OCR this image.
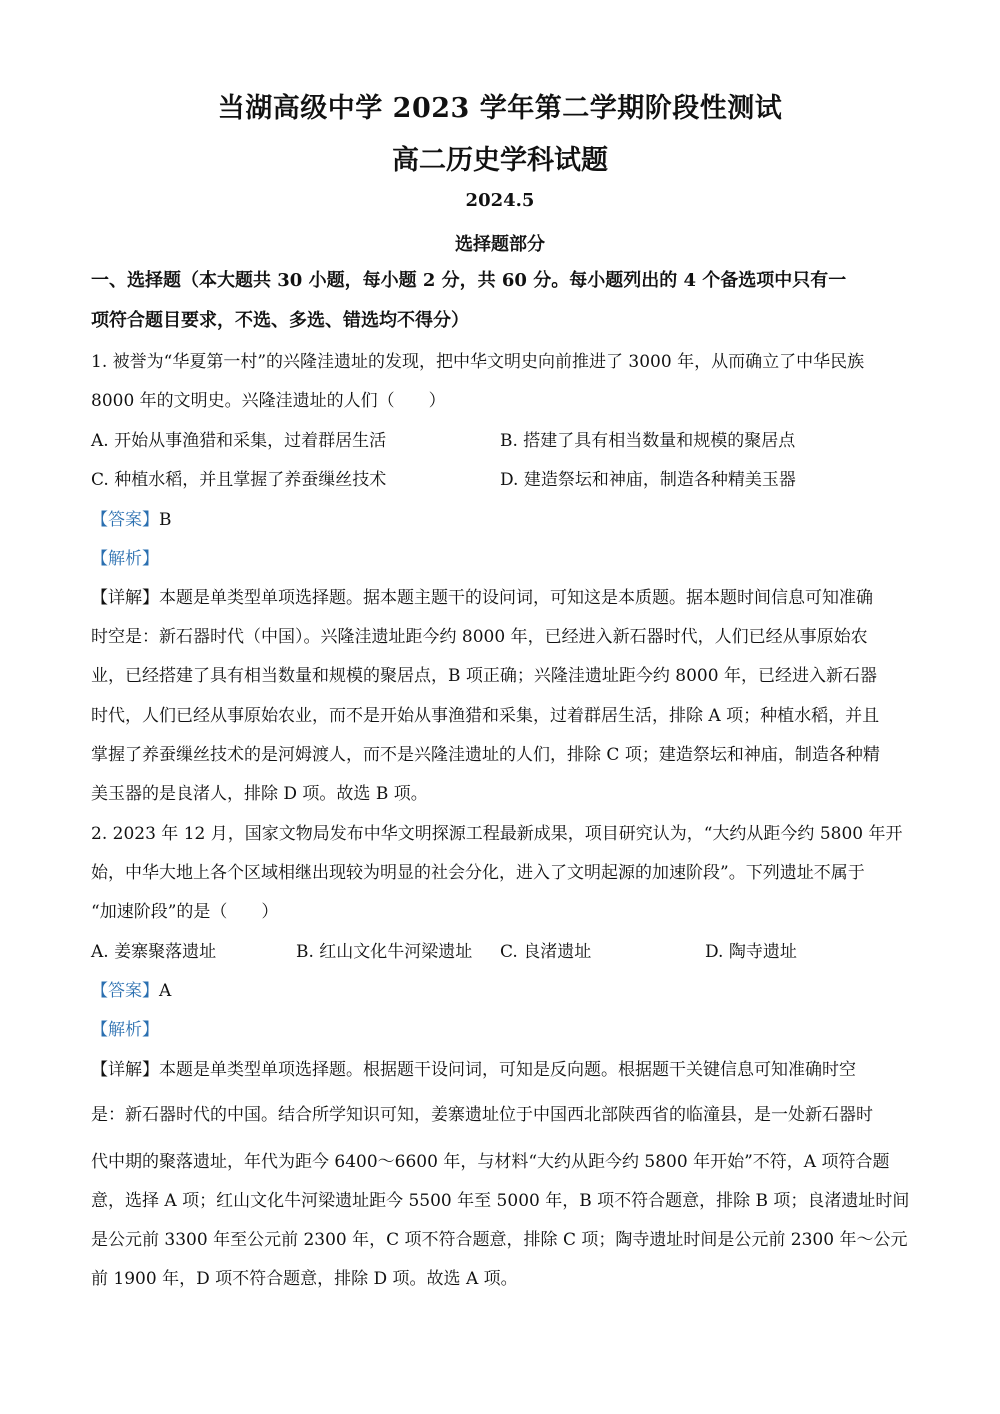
当湖高级中学 2023 学年第二学期阶段性测试
高二历史学科试题
2024.5
选择题部分
一、选择题（本大题共 30 小题，每小题 2 分，共 60 分。每小题列出的 4 个备选项中只有一
项符合题目要求，不选、多选、错选均不得分）
1. 被誉为“华夏第一村”的兴隆洼遗址的发现，把中华文明史向前推进了 3000 年，从而确立了中华民族
8000 年的文明史。兴隆洼遗址的人们（　　）
A. 开始从事渔猎和采集，过着群居生活	B. 搭建了具有相当数量和规模的聚居点
C. 种植水稻，并且掌握了养蚕缫丝技术	D. 建造祭坛和神庙，制造各种精美玉器
【答案】B
【解析】
【详解】本题是单类型单项选择题。据本题主题干的设问词，可知这是本质题。据本题时间信息可知准确
时空是：新石器时代（中国）。兴隆洼遗址距今约 8000 年，已经进入新石器时代，人们已经从事原始农
业，已经搭建了具有相当数量和规模的聚居点，B 项正确；兴隆洼遗址距今约 8000 年，已经进入新石器
时代，人们已经从事原始农业，而不是开始从事渔猎和采集，过着群居生活，排除 A 项；种植水稻，并且
掌握了养蚕缫丝技术的是河姆渡人，而不是兴隆洼遗址的人们，排除 C 项；建造祭坛和神庙，制造各种精
美玉器的是良渚人，排除 D 项。故选 B 项。
2. 2023 年 12 月，国家文物局发布中华文明探源工程最新成果，项目研究认为，“大约从距今约 5800 年开
始，中华大地上各个区域相继出现较为明显的社会分化，进入了文明起源的加速阶段”。下列遗址不属于
“加速阶段”的是（　　）
A. 姜寨聚落遗址	B. 红山文化牛河梁遗址 C. 良渚遗址	D. 陶寺遗址
【答案】A
【解析】
【详解】本题是单类型单项选择题。根据题干设问词，可知是反向题。根据题干关键信息可知准确时空
是：新石器时代的中国。结合所学知识可知，姜寨遗址位于中国西北部陕西省的临潼县，是一处新石器时
代中期的聚落遗址，年代为距今 6400～6600 年，与材料“大约从距今约 5800 年开始”不符，A 项符合题
意，选择 A 项；红山文化牛河梁遗址距今 5500 年至 5000 年，B 项不符合题意，排除 B 项；良渚遗址时间
是公元前 3300 年至公元前 2300 年，C 项不符合题意，排除 C 项；陶寺遗址时间是公元前 2300 年～公元
前 1900 年，D 项不符合题意，排除 D 项。故选 A 项。
